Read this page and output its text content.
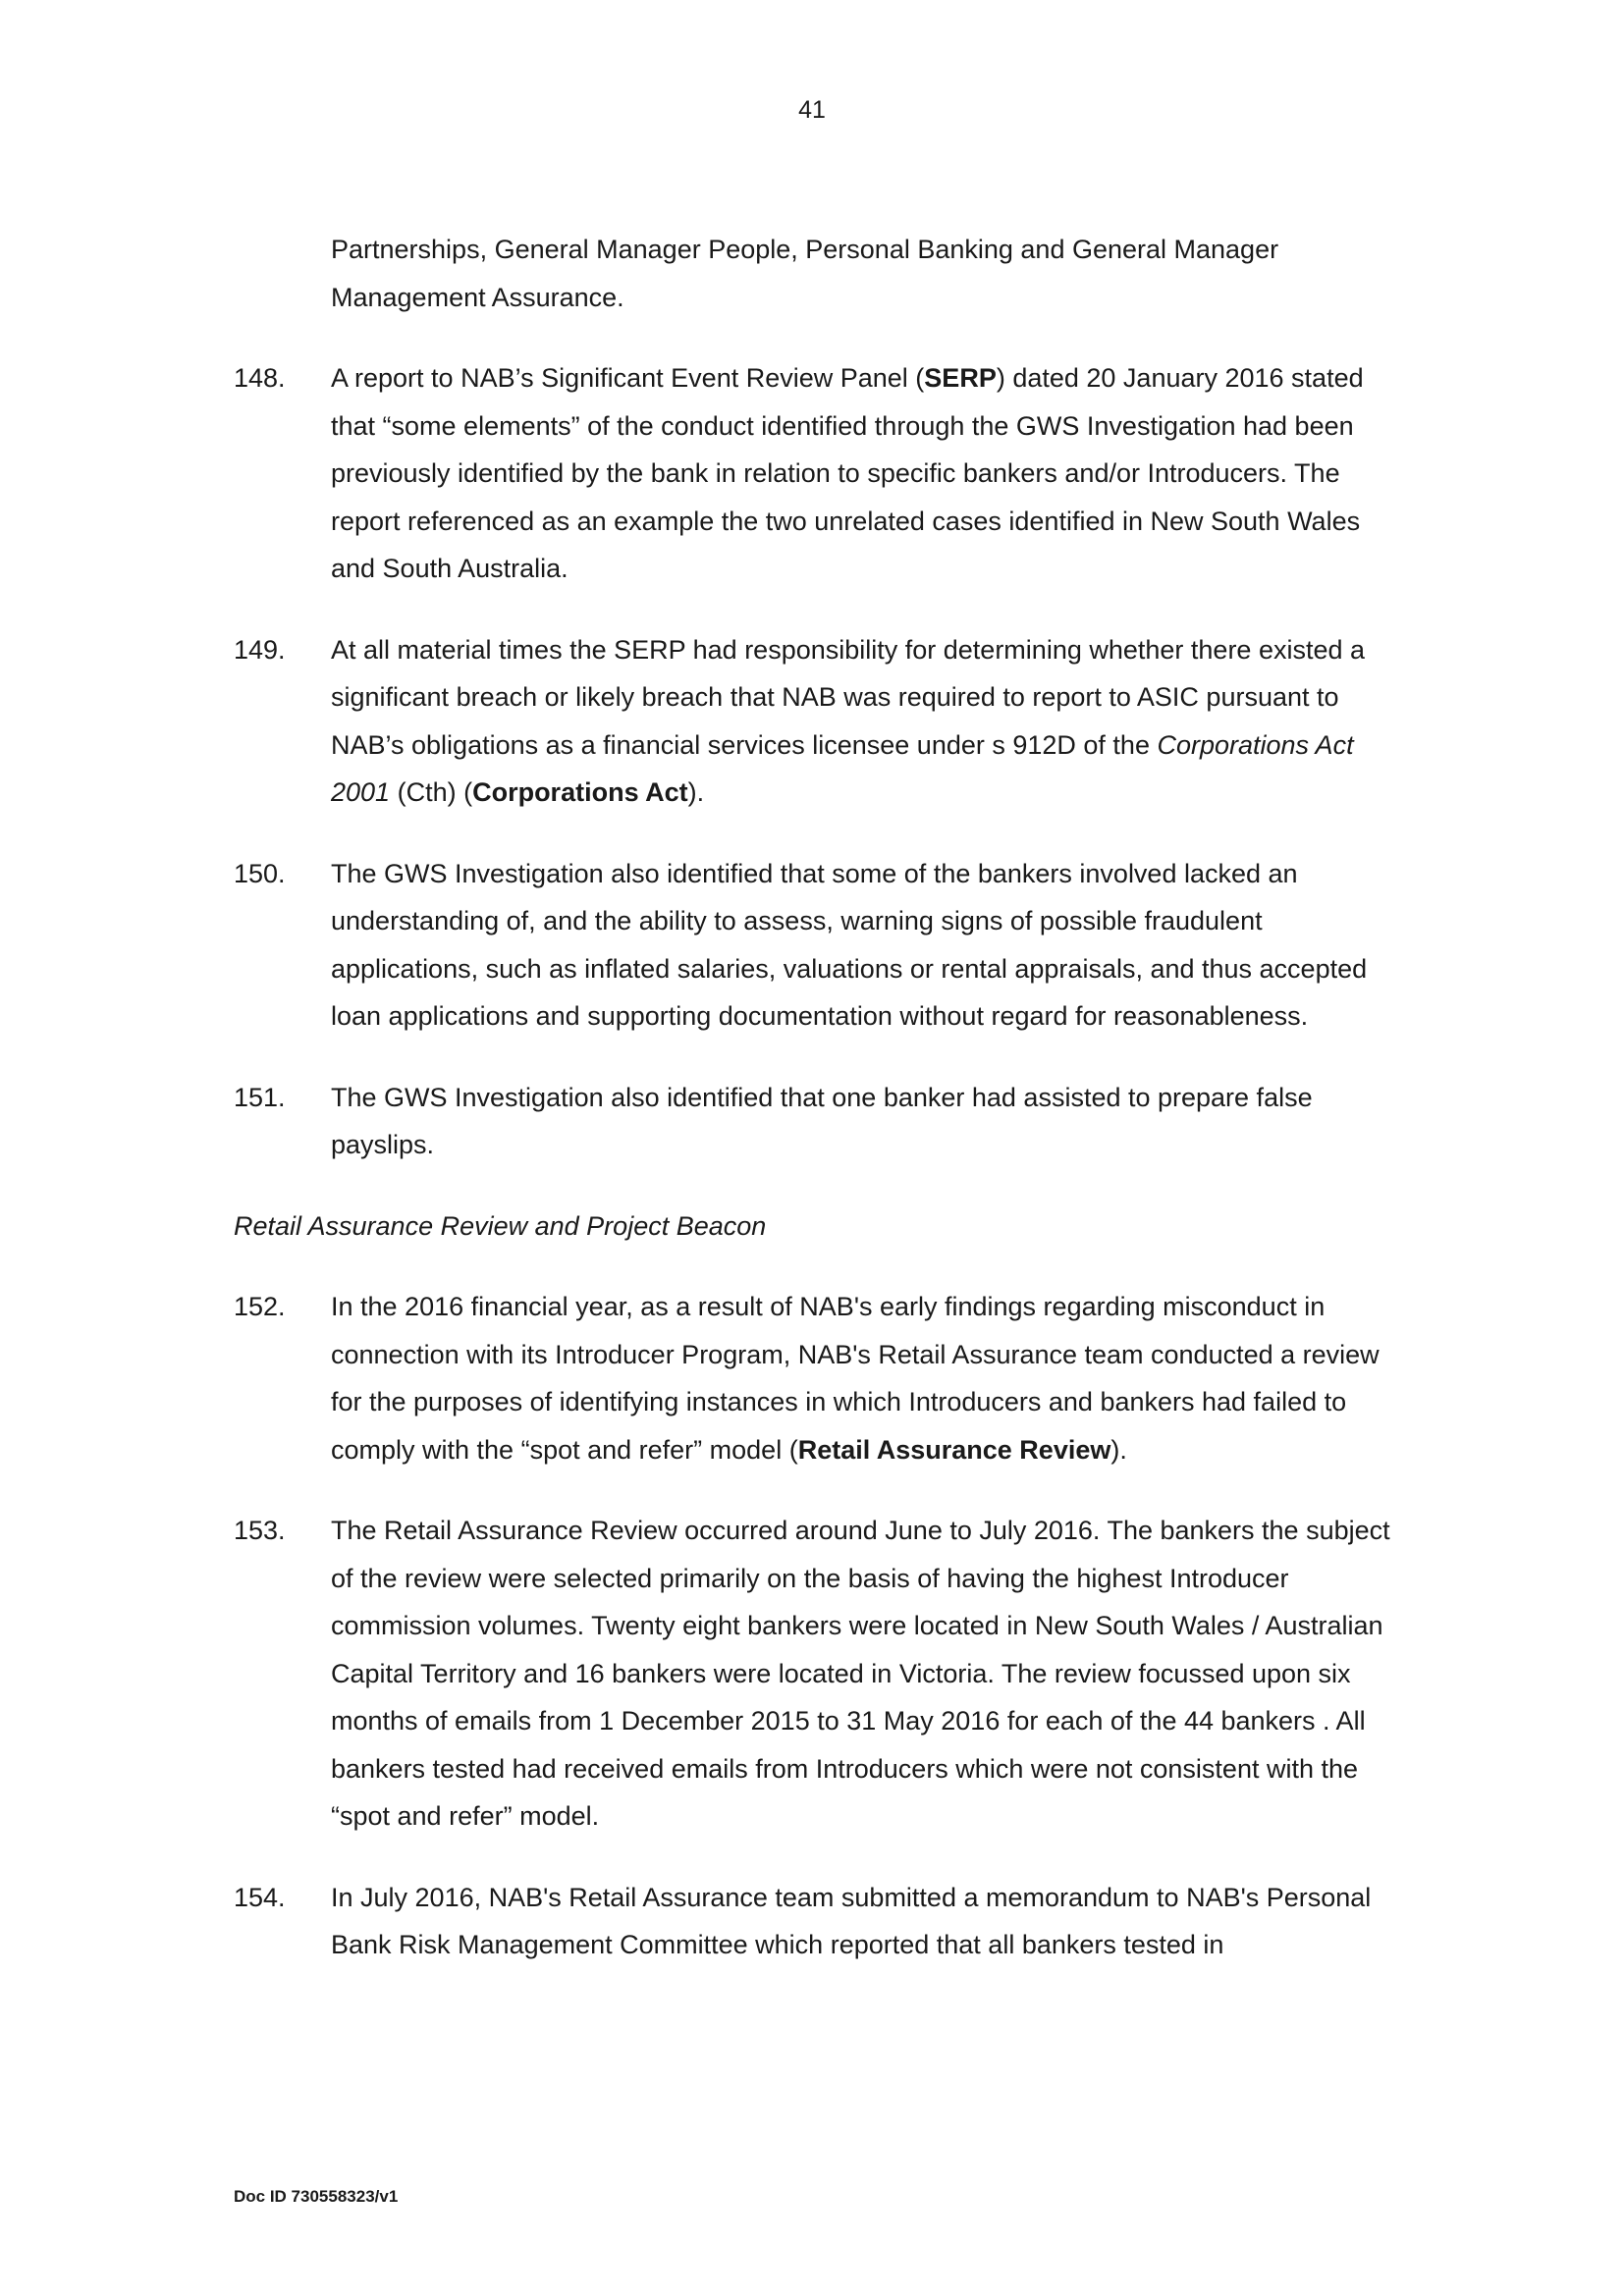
41
Partnerships, General Manager People, Personal Banking and General Manager Management Assurance.
148. A report to NAB’s Significant Event Review Panel (SERP) dated 20 January 2016 stated that “some elements” of the conduct identified through the GWS Investigation had been previously identified by the bank in relation to specific bankers and/or Introducers. The report referenced as an example the two unrelated cases identified in New South Wales and South Australia.
149. At all material times the SERP had responsibility for determining whether there existed a significant breach or likely breach that NAB was required to report to ASIC pursuant to NAB’s obligations as a financial services licensee under s 912D of the Corporations Act 2001 (Cth) (Corporations Act).
150. The GWS Investigation also identified that some of the bankers involved lacked an understanding of, and the ability to assess, warning signs of possible fraudulent applications, such as inflated salaries, valuations or rental appraisals, and thus accepted loan applications and supporting documentation without regard for reasonableness.
151. The GWS Investigation also identified that one banker had assisted to prepare false payslips.
Retail Assurance Review and Project Beacon
152. In the 2016 financial year, as a result of NAB's early findings regarding misconduct in connection with its Introducer Program, NAB's Retail Assurance team conducted a review for the purposes of identifying instances in which Introducers and bankers had failed to comply with the “spot and refer” model (Retail Assurance Review).
153. The Retail Assurance Review occurred around June to July 2016. The bankers the subject of the review were selected primarily on the basis of having the highest Introducer commission volumes. Twenty eight bankers were located in New South Wales / Australian Capital Territory and 16 bankers were located in Victoria. The review focussed upon six months of emails from 1 December 2015 to 31 May 2016 for each of the 44 bankers . All bankers tested had received emails from Introducers which were not consistent with the “spot and refer” model.
154. In July 2016, NAB's Retail Assurance team submitted a memorandum to NAB's Personal Bank Risk Management Committee which reported that all bankers tested in
Doc ID 730558323/v1
